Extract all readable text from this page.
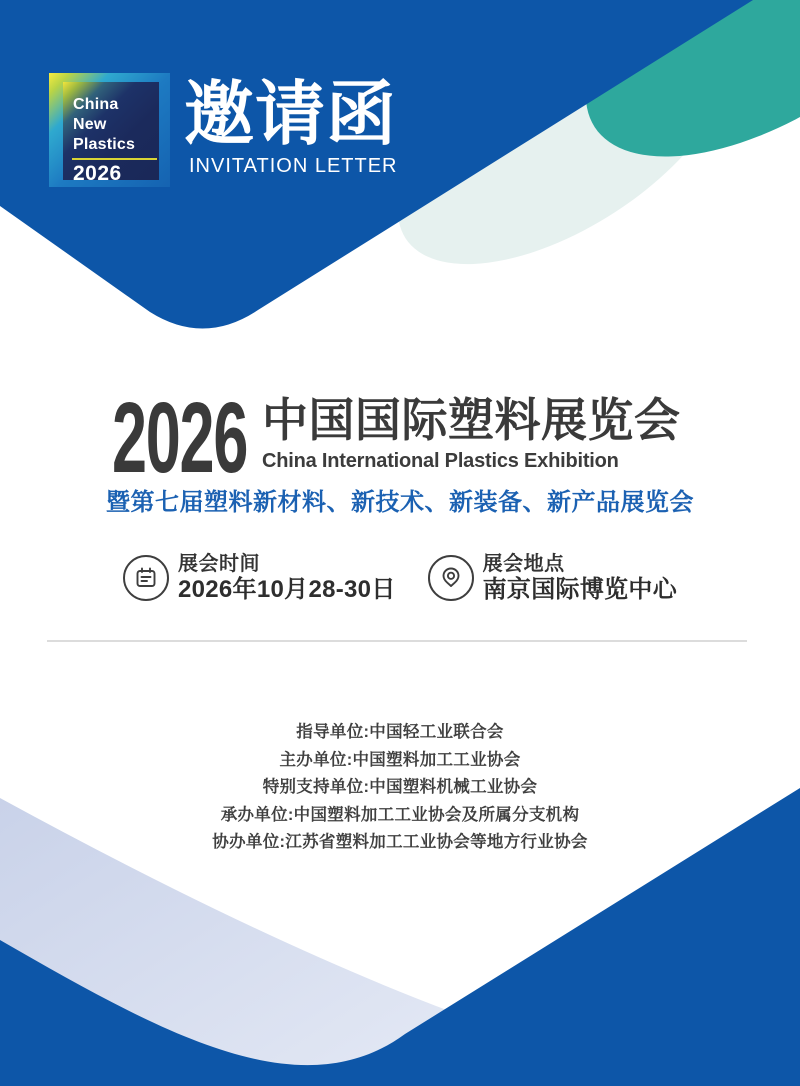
China
New
Plastics
2026
邀请函
INVITATION LETTER
2026 中国国际塑料展览会
China International Plastics Exhibition
暨第七届塑料新材料、新技术、新装备、新产品展览会
展会时间
2026年10月28-30日
展会地点
南京国际博览中心
指导单位:中国轻工业联合会
主办单位:中国塑料加工工业协会
特别支持单位:中国塑料机械工业协会
承办单位:中国塑料加工工业协会及所属分支机构
协办单位:江苏省塑料加工工业协会等地方行业协会
